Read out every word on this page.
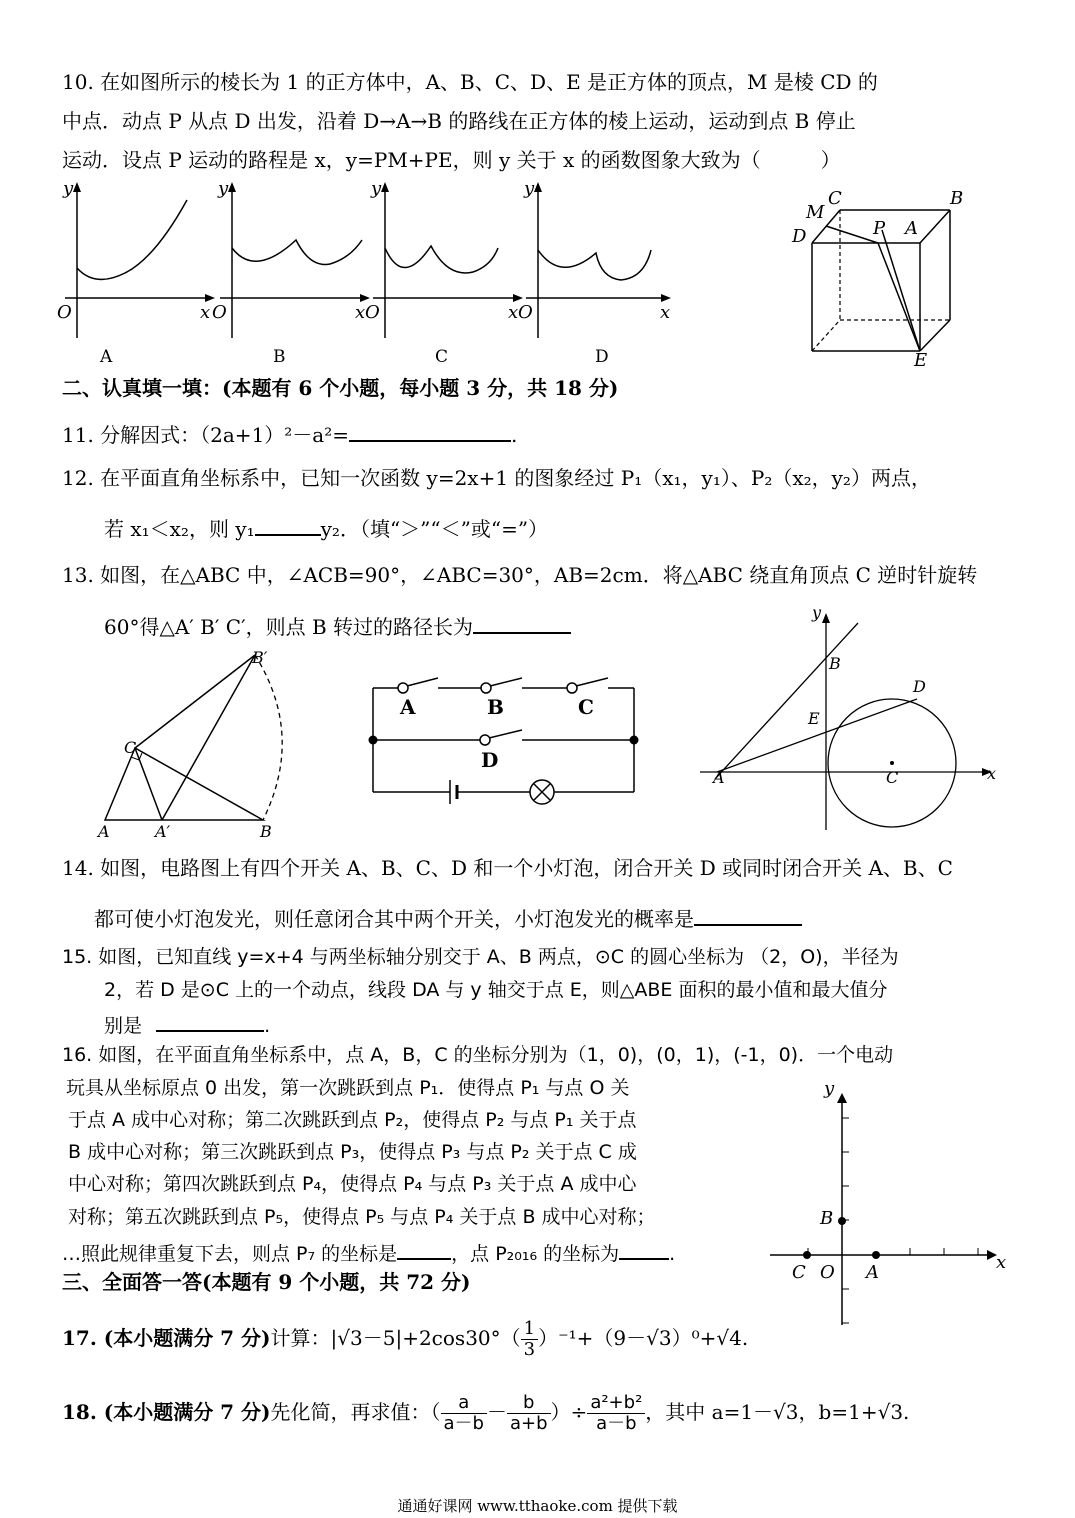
10. 在如图所示的棱长为 1 的正方体中，A、B、C、D、E 是正方体的顶点，M 是棱 CD 的
中点．动点 P 从点 D 出发，沿着 D→A→B 的路线在正方体的棱上运动，运动到点 B 停止
运动．设点 P 运动的路程是 x，y=PM+PE，则 y 关于 x 的函数图象大致为（　　　）
y
O	x
y
O	x
y
O	x
y
O	x
A	B	C	D
C	B
M
D	P A
E
二、认真填一填：(本题有 6 个小题，每小题 3 分，共 18 分)
11. 分解因式：（2a+1）²－a²=	.
12. 在平面直角坐标系中，已知一次函数 y=2x+1 的图象经过 P₁（x₁，y₁）、P₂（x₂，y₂）两点，
若 x₁＜x₂，则 y₁	y₂．（填“＞”“＜”或“=”）
13. 如图，在△ABC 中，∠ACB=90°，∠ABC=30°，AB=2cm．将△ABC 绕直角顶点 C 逆时针旋转
60°得△A′ B′ C′，则点 B 转过的路径长为
B′
C
A	A′	B
A	B	C
D
y
B
D
E
A	C	x
14. 如图，电路图上有四个开关 A、B、C、D 和一个小灯泡，闭合开关 D 或同时闭合开关 A、B、C
都可使小灯泡发光，则任意闭合其中两个开关，小灯泡发光的概率是
15. 如图，已知直线 y=x+4 与两坐标轴分别交于 A、B 两点，⊙C 的圆心坐标为 （2，O)，半径为
2，若 D 是⊙C 上的一个动点，线段 DA 与 y 轴交于点 E，则△ABE 面积的最小值和最大值分
别是	.
16. 如图，在平面直角坐标系中，点 A，B，C 的坐标分别为（1，0)，(0，1)，(-1，0)．一个电动
玩具从坐标原点 0 出发，第一次跳跃到点 P₁．使得点 P₁ 与点 O 关
于点 A 成中心对称；第二次跳跃到点 P₂，使得点 P₂ 与点 P₁ 关于点
B 成中心对称；第三次跳跃到点 P₃，使得点 P₃ 与点 P₂ 关于点 C 成
中心对称；第四次跳跃到点 P₄，使得点 P₄ 与点 P₃ 关于点 A 成中心
对称；第五次跳跃到点 P₅，使得点 P₅ 与点 P₄ 关于点 B 成中心对称；
…照此规律重复下去，则点 P₇ 的坐标是	，点 P₂₀₁₆ 的坐标为	.
y
B
C O A	x
三、全面答一答(本题有 9 个小题，共 72 分)
17. (本小题满分 7 分)计算：$|√3-5|+2\cos 30^\circ( \frac{1}{3} )^{-1}+(9-√3)^0+√4$.
18. (本小题满分 7 分)先化简，再求值：（ $\frac{a}{a-b} - \frac{b}{a+b}$ ）÷ $\frac{\text{a²+b²}}{a-b}$ ，其中 a=1－√3，b=1+√3.
通通好课网 www.tthaoke.com 提供下载
